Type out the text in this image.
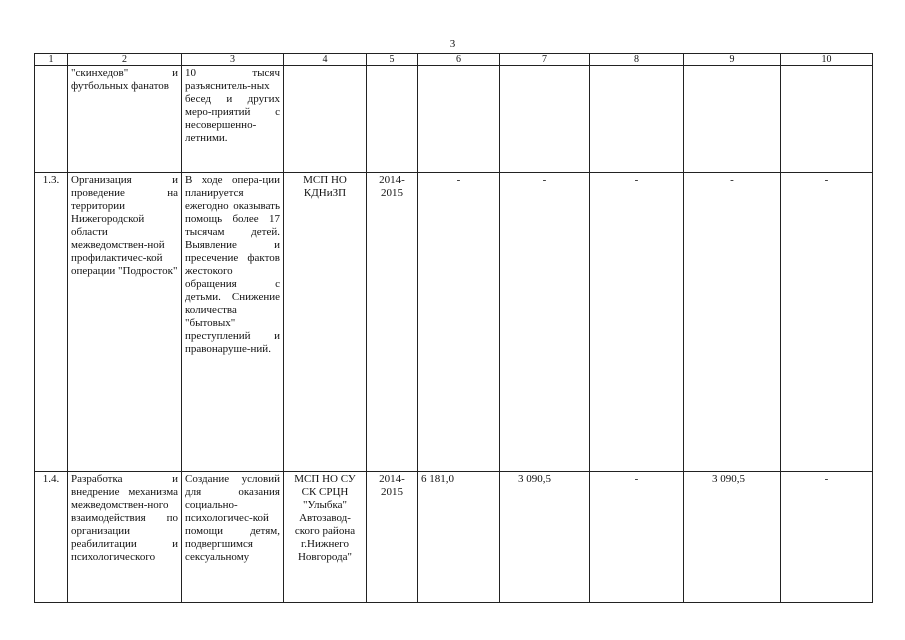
3
1	2	3	4	5	6	7	8	9	10
	"скинхедов" и футбольных фанатов	10 тысяч разъяснитель-ных бесед и других меро-приятий с несовершенно-летними.							
1.3.	Организация и проведение на территории Нижегородской области межведомствен-ной профилактичес-кой операции "Подросток"	В ходе опера-ции планируется ежегодно оказывать помощь более 17 тысячам детей. Выявление и пресечение фактов жестокого обращения с детьми. Снижение количества "бытовых" преступлений и правонаруше-ний.	МСП НО КДНиЗП	2014-2015	-	-	-	-	-
1.4.	Разработка и внедрение механизма межведомствен-ного взаимодействия по организации реабилитации и психологического	Создание условий для оказания социально-психологичес-кой помощи детям, подвергшимся сексуальному	МСП НО СУ СК СРЦН "Улыбка" Автозавод-ского района г.Нижнего Новгорода"	2014-2015	6 181,0	3 090,5	-	3 090,5	-
